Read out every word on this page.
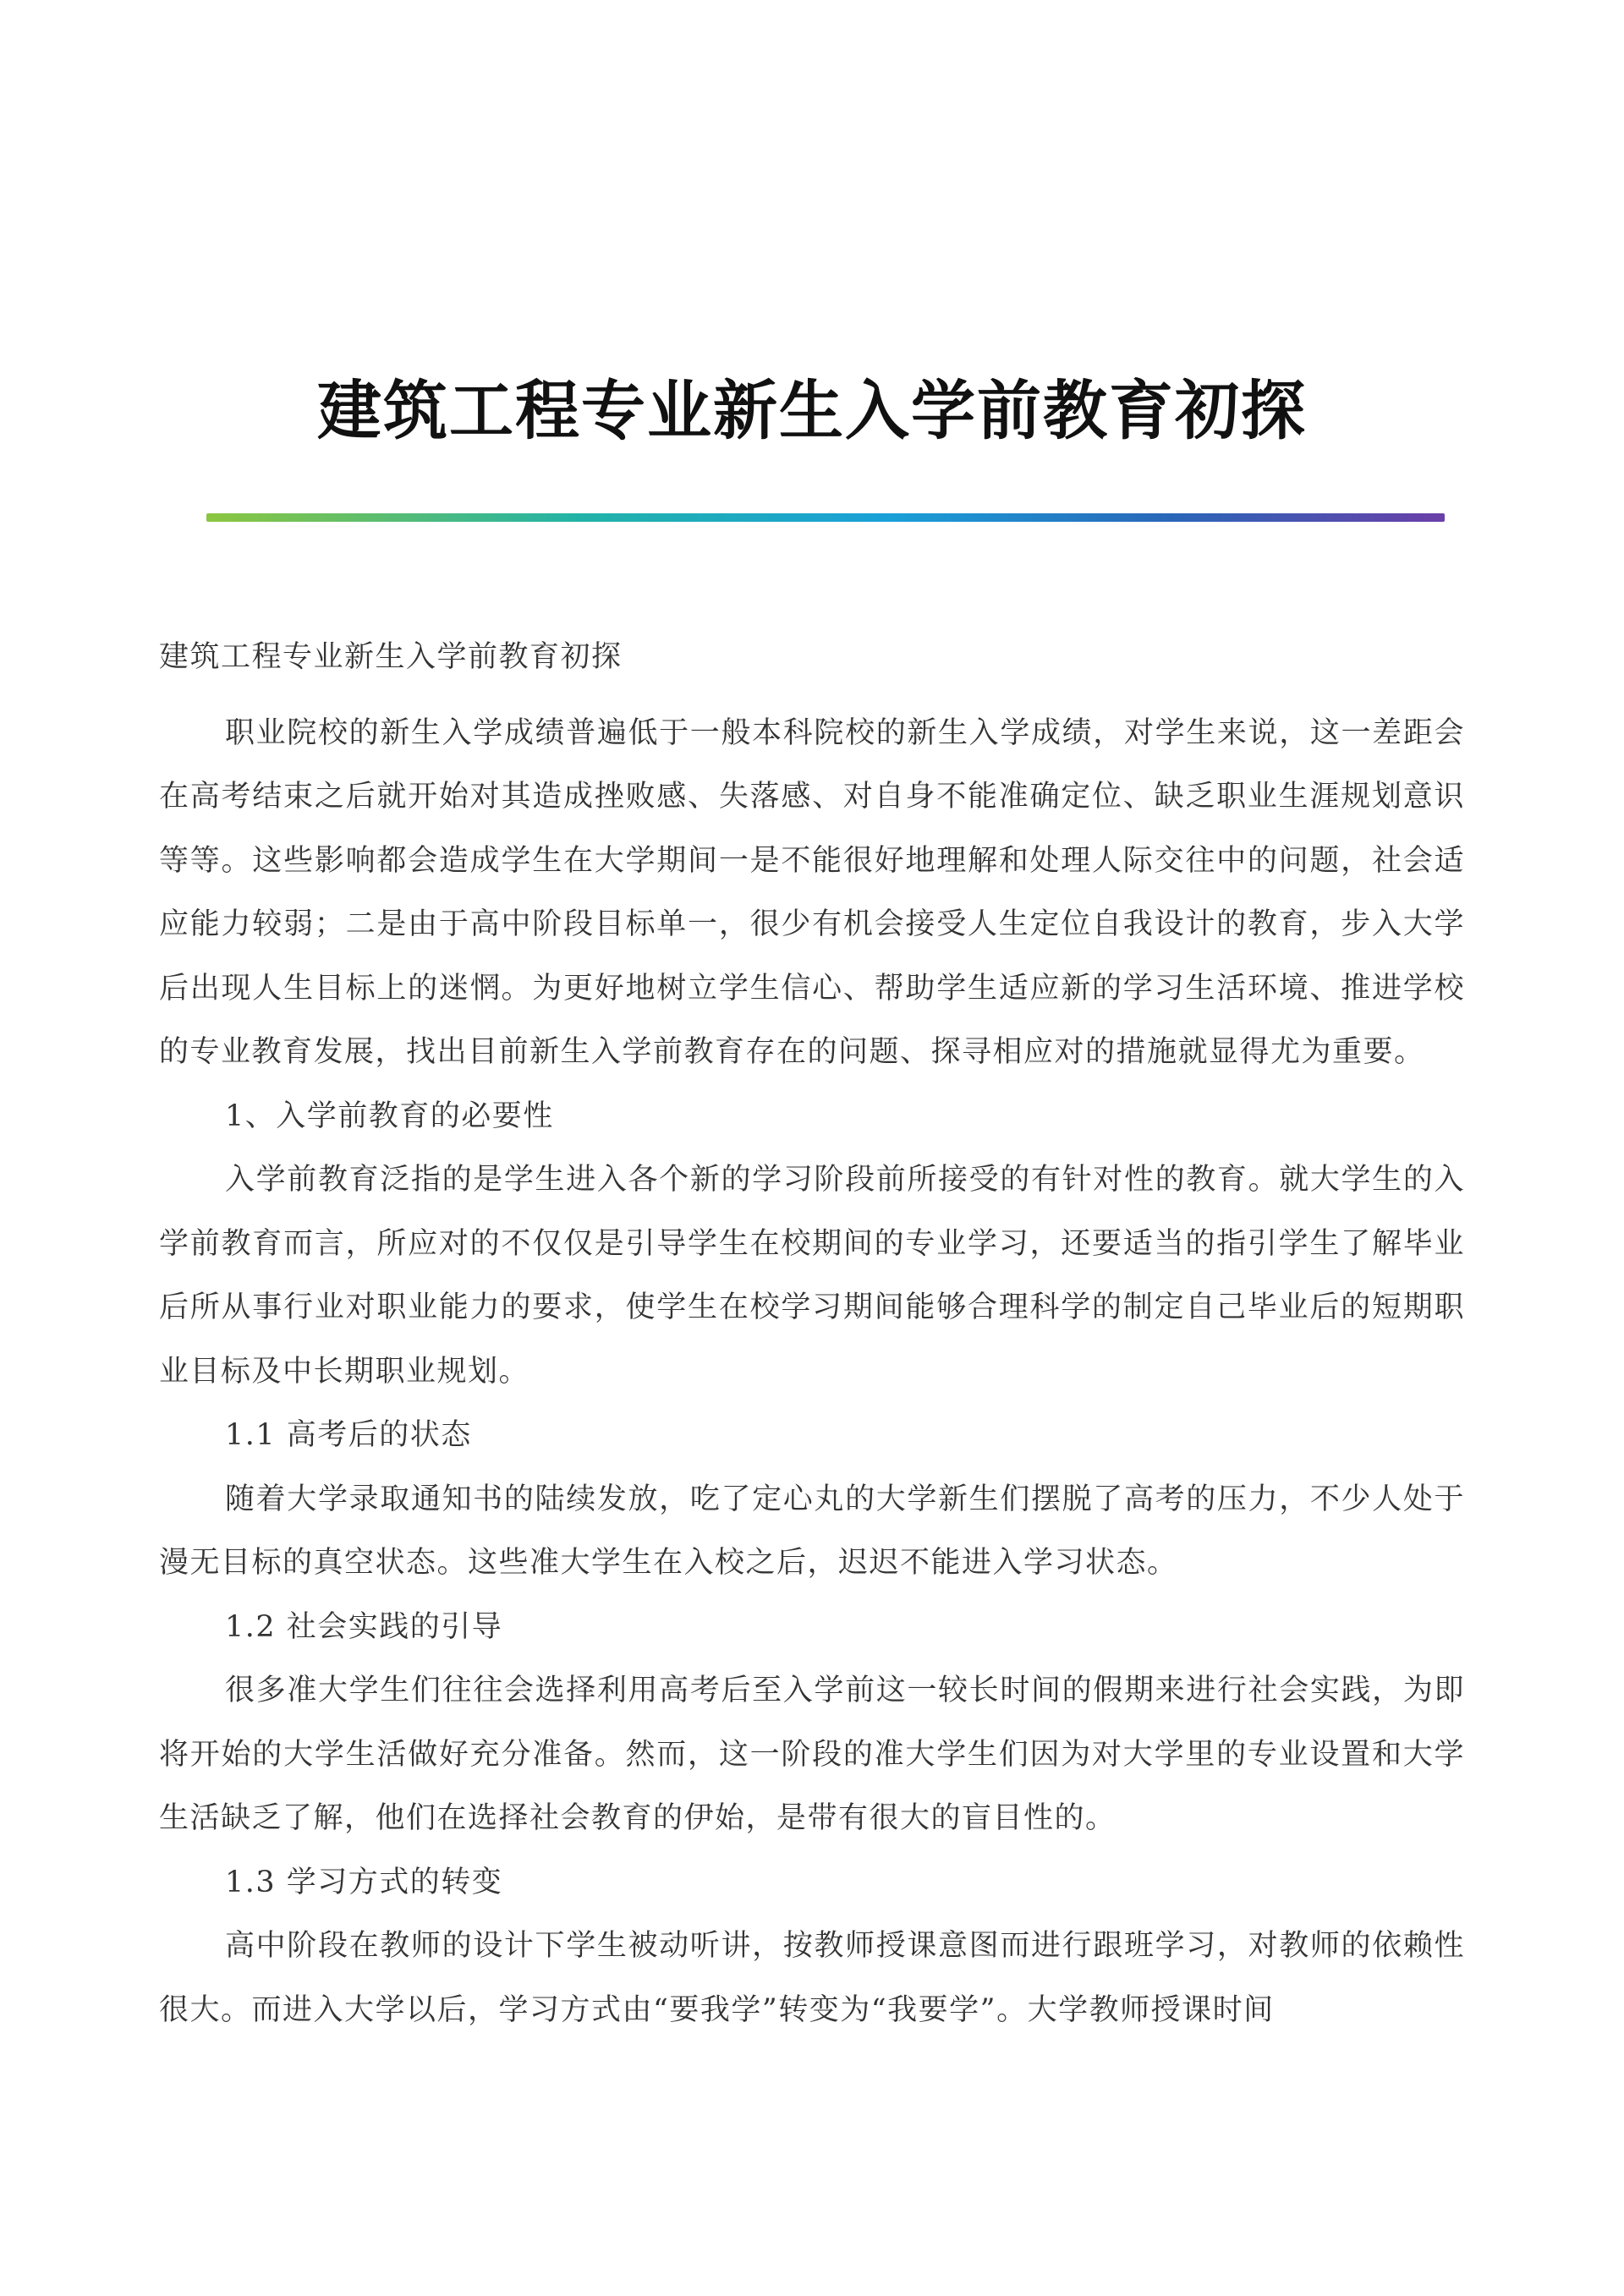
建筑工程专业新生入学前教育初探

建筑工程专业新生入学前教育初探

职业院校的新生入学成绩普遍低于一般本科院校的新生入学成绩，对学生来说，这一差距会在高考结束之后就开始对其造成挫败感、失落感、对自身不能准确定位、缺乏职业生涯规划意识等等。这些影响都会造成学生在大学期间一是不能很好地理解和处理人际交往中的问题，社会适应能力较弱；二是由于高中阶段目标单一，很少有机会接受人生定位自我设计的教育，步入大学后出现人生目标上的迷惘。为更好地树立学生信心、帮助学生适应新的学习生活环境、推进学校的专业教育发展，找出目前新生入学前教育存在的问题、探寻相应对的措施就显得尤为重要。

1、入学前教育的必要性

入学前教育泛指的是学生进入各个新的学习阶段前所接受的有针对性的教育。就大学生的入学前教育而言，所应对的不仅仅是引导学生在校期间的专业学习，还要适当的指引学生了解毕业后所从事行业对职业能力的要求，使学生在校学习期间能够合理科学的制定自己毕业后的短期职业目标及中长期职业规划。

1.1 高考后的状态

随着大学录取通知书的陆续发放，吃了定心丸的大学新生们摆脱了高考的压力，不少人处于漫无目标的真空状态。这些准大学生在入校之后，迟迟不能进入学习状态。

1.2 社会实践的引导

很多准大学生们往往会选择利用高考后至入学前这一较长时间的假期来进行社会实践，为即将开始的大学生活做好充分准备。然而，这一阶段的准大学生们因为对大学里的专业设置和大学生活缺乏了解，他们在选择社会教育的伊始，是带有很大的盲目性的。

1.3 学习方式的转变

高中阶段在教师的设计下学生被动听讲，按教师授课意图而进行跟班学习，对教师的依赖性很大。而进入大学以后，学习方式由“要我学”转变为“我要学”。大学教师授课时间
